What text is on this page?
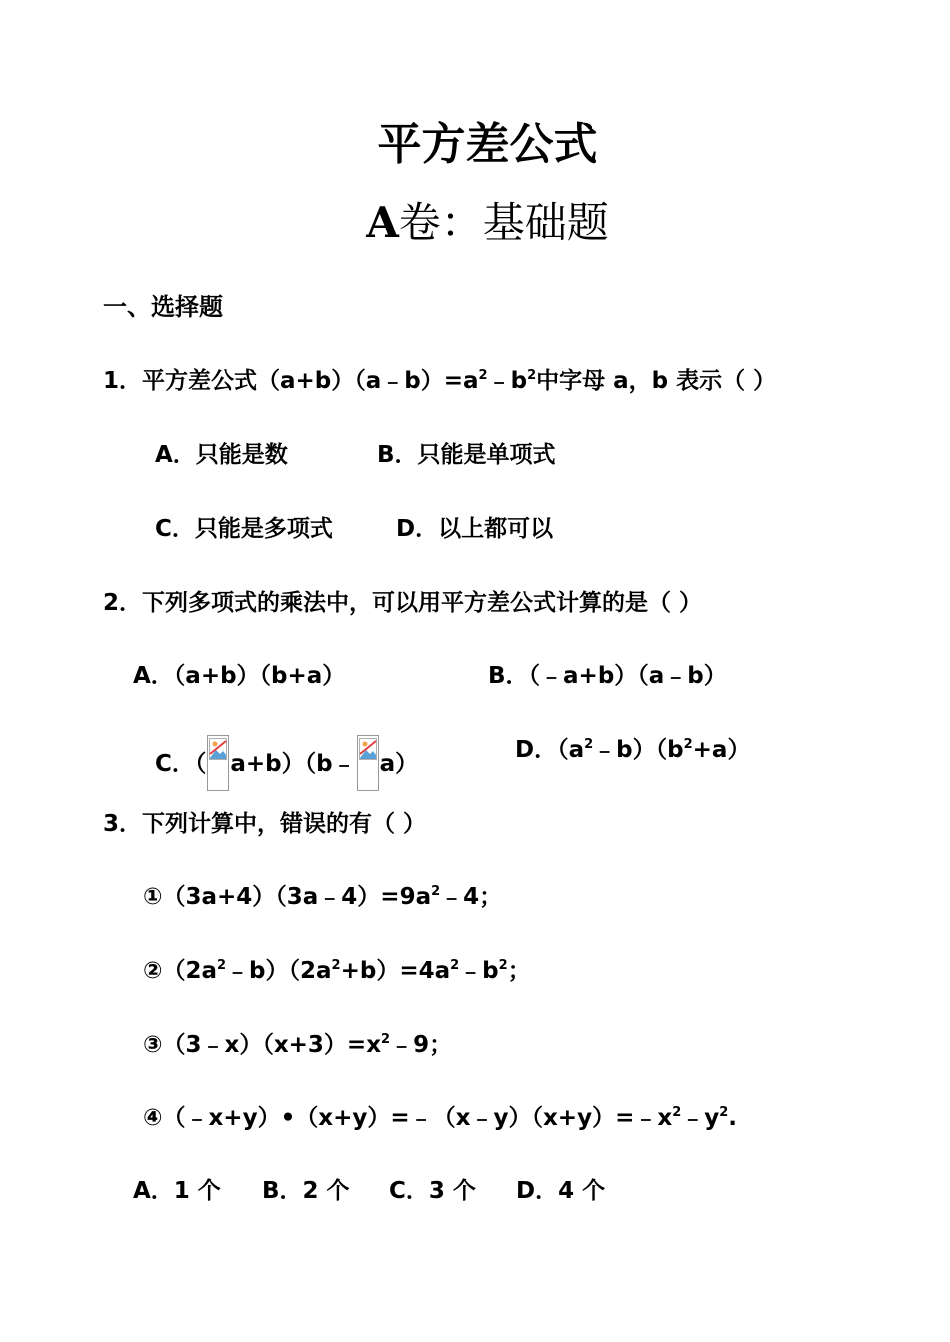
平方差公式
A卷：基础题
一、选择题
1．平方差公式$(a+b)(a﹣b)=a^2﹣b^2$中字母 a，b 表示（ ）
A．只能是数	B．只能是单项式
C．只能是多项式	D．以上都可以
2．下列多项式的乘法中，可以用平方差公式计算的是（ ）
A．（a+b）（b+a）	B．（﹣a+b）（a﹣b）
C．（ a+b）（b﹣ a）
D．$(a^2﹣b)(b^2+a)$
3．下列计算中，错误的有（ ）
$①(3a+4)(3a﹣4)=9a^2﹣4$；
$②(2a^2﹣b)(2a^2+b)=4a^2﹣b^2$；
$③(3﹣x)(x+3)=x^2﹣9$；
$④(﹣x+y)•(x+y)=﹣(x﹣y)(x+y)=﹣x^2﹣y^2$.
A．1 个 B．2 个 C．3 个 D．4 个
